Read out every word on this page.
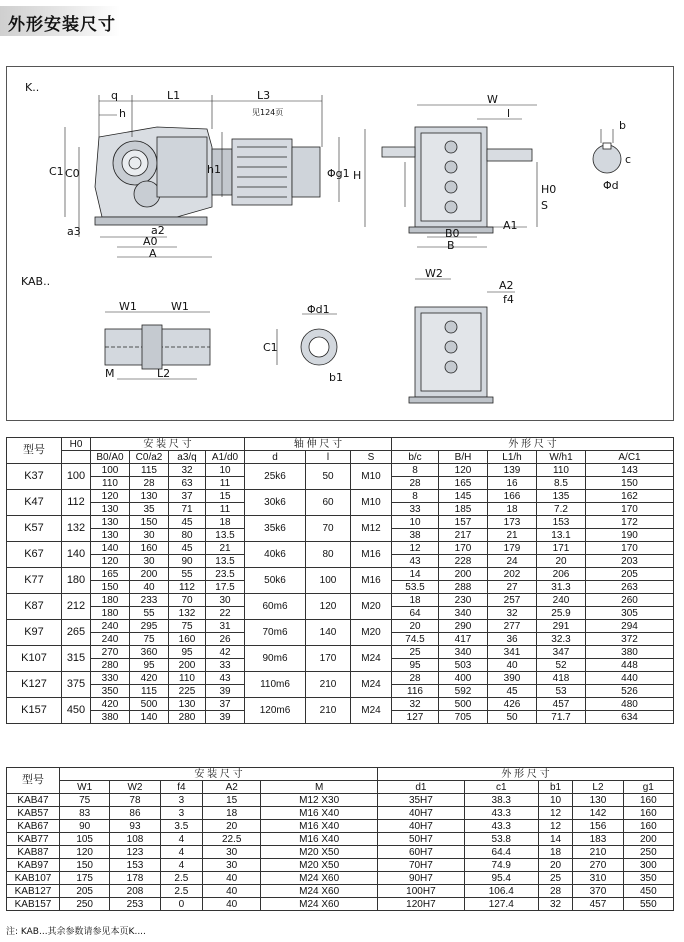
外形安装尺寸
K..
KAB..
q
h
L1	L3
见124页
C1 C0
a3	a2
A0
A
h1	Φg1 H
W
l
B0
B
A1
H0
S
Φd
b
c
W1	W1
L2
M
Φd1
C1
b1
W2
A2
f4
型号	H0	安 装 尺 寸				轴 伸 尺 寸			外 形 尺 寸				
		B0/A0	C0/a2	a3/q	A1/d0	d	l	S	b/c	B/H	L1/h	W/h1	A/C1
K37	100	100	115	32	10	25k6	50	M10	8	120	139	110	143
		110	28	63	11				28	165	16	8.5	150
K47	112	120	130	37	15	30k6	60	M10	8	145	166	135	162
		130	35	71	11				33	185	18	7.2	170
K57	132	130	150	45	18	35k6	70	M12	10	157	173	153	172
		130	30	80	13.5				38	217	21	13.1	190
K67	140	140	160	45	21	40k6	80	M16	12	170	179	171	170
		120	30	90	13.5				43	228	24	20	203
K77	180	165	200	55	23.5	50k6	100	M16	14	200	202	206	205
		150	40	112	17.5				53.5	288	27	31.3	263
K87	212	180	233	70	30	60m6	120	M20	18	230	257	240	260
		180	55	132	22				64	340	32	25.9	305
K97	265	240	295	75	31	70m6	140	M20	20	290	277	291	294
		240	75	160	26				74.5	417	36	32.3	372
K107	315	270	360	95	42	90m6	170	M24	25	340	341	347	380
		280	95	200	33				95	503	40	52	448
K127	375	330	420	110	43	110m6	210	M24	28	400	390	418	440
		350	115	225	39				116	592	45	53	526
K157	450	420	500	130	37	120m6	210	M24	32	500	426	457	480
		380	140	280	39				127	705	50	71.7	634
型号	安 装 尺 寸					外 形 尺 寸				
	W1	W2	f4	A2	M	d1	c1	b1	L2	g1
KAB47	75	78	3	15	M12 X30	35H7	38.3	10	130	160
KAB57	83	86	3	18	M16 X40	40H7	43.3	12	142	160
KAB67	90	93	3.5	20	M16 X40	40H7	43.3	12	156	160
KAB77	105	108	4	22.5	M16 X40	50H7	53.8	14	183	200
KAB87	120	123	4	30	M20 X50	60H7	64.4	18	210	250
KAB97	150	153	4	30	M20 X50	70H7	74.9	20	270	300
KAB107	175	178	2.5	40	M24 X60	90H7	95.4	25	310	350
KAB127	205	208	2.5	40	M24 X60	100H7	106.4	28	370	450
KAB157	250	253	0	40	M24 X60	120H7	127.4	32	457	550
注: KAB...其余参数请参见本页K....
